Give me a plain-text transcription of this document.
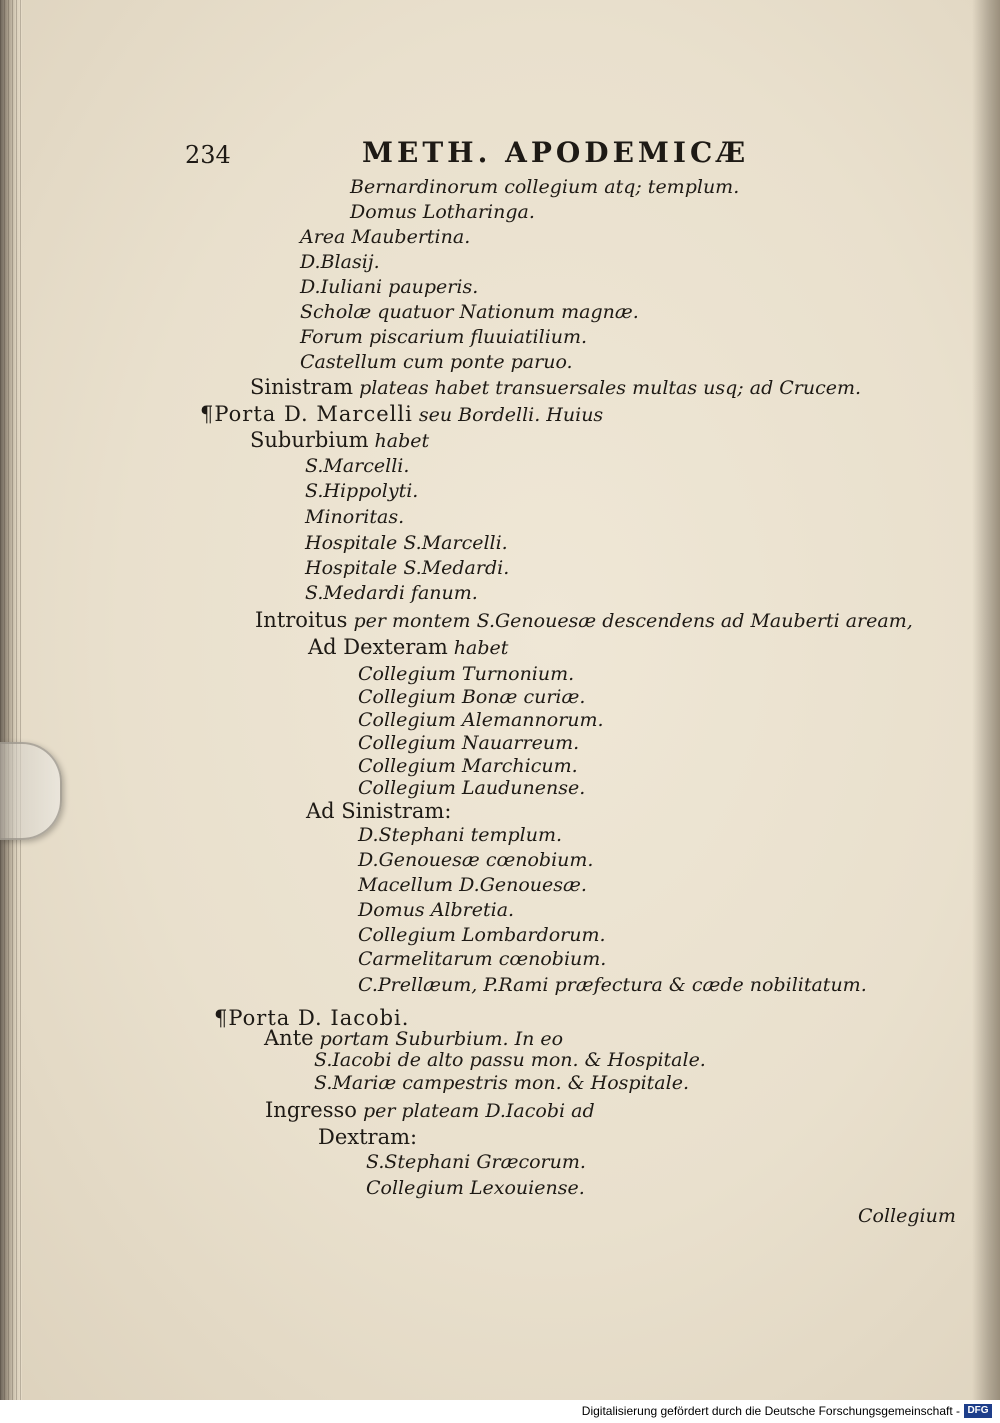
234	METH. APODEMICÆ
Bernardinorum collegium atq; templum.
Domus Lotharinga.
Area Maubertina.
D.Blasij.
D.Iuliani pauperis.
Scholæ quatuor Nationum magnæ.
Forum piscarium fluuiatilium.
Castellum cum ponte paruo.
Sinistram plateas habet transuersales multas usq; ad Crucem.
¶Porta D. Marcelli seu Bordelli. Huius
Suburbium habet
S.Marcelli.
S.Hippolyti.
Minoritas.
Hospitale S.Marcelli.
Hospitale S.Medardi.
S.Medardi fanum.
Introitus per montem S.Genouesæ descendens ad Mauberti aream,
Ad Dexteram habet
Collegium Turnonium.
Collegium Bonæ curiæ.
Collegium Alemannorum.
Collegium Nauarreum.
Collegium Marchicum.
Collegium Laudunense.
Ad Sinistram:
D.Stephani templum.
D.Genouesæ cœnobium.
Macellum D.Genouesæ.
Domus Albretia.
Collegium Lombardorum.
Carmelitarum cœnobium.
C.Prellæum, P.Rami præfectura & cæde nobilitatum.
¶Porta D. Iacobi.
Ante portam Suburbium. In eo
S.Iacobi de alto passu mon. & Hospitale.
S.Mariæ campestris mon. & Hospitale.
Ingresso per plateam D.Iacobi ad
Dextram:
S.Stephani Græcorum.
Collegium Lexouiense.
Collegium
Digitalisierung gefördert durch die Deutsche Forschungsgemeinschaft - DFG
